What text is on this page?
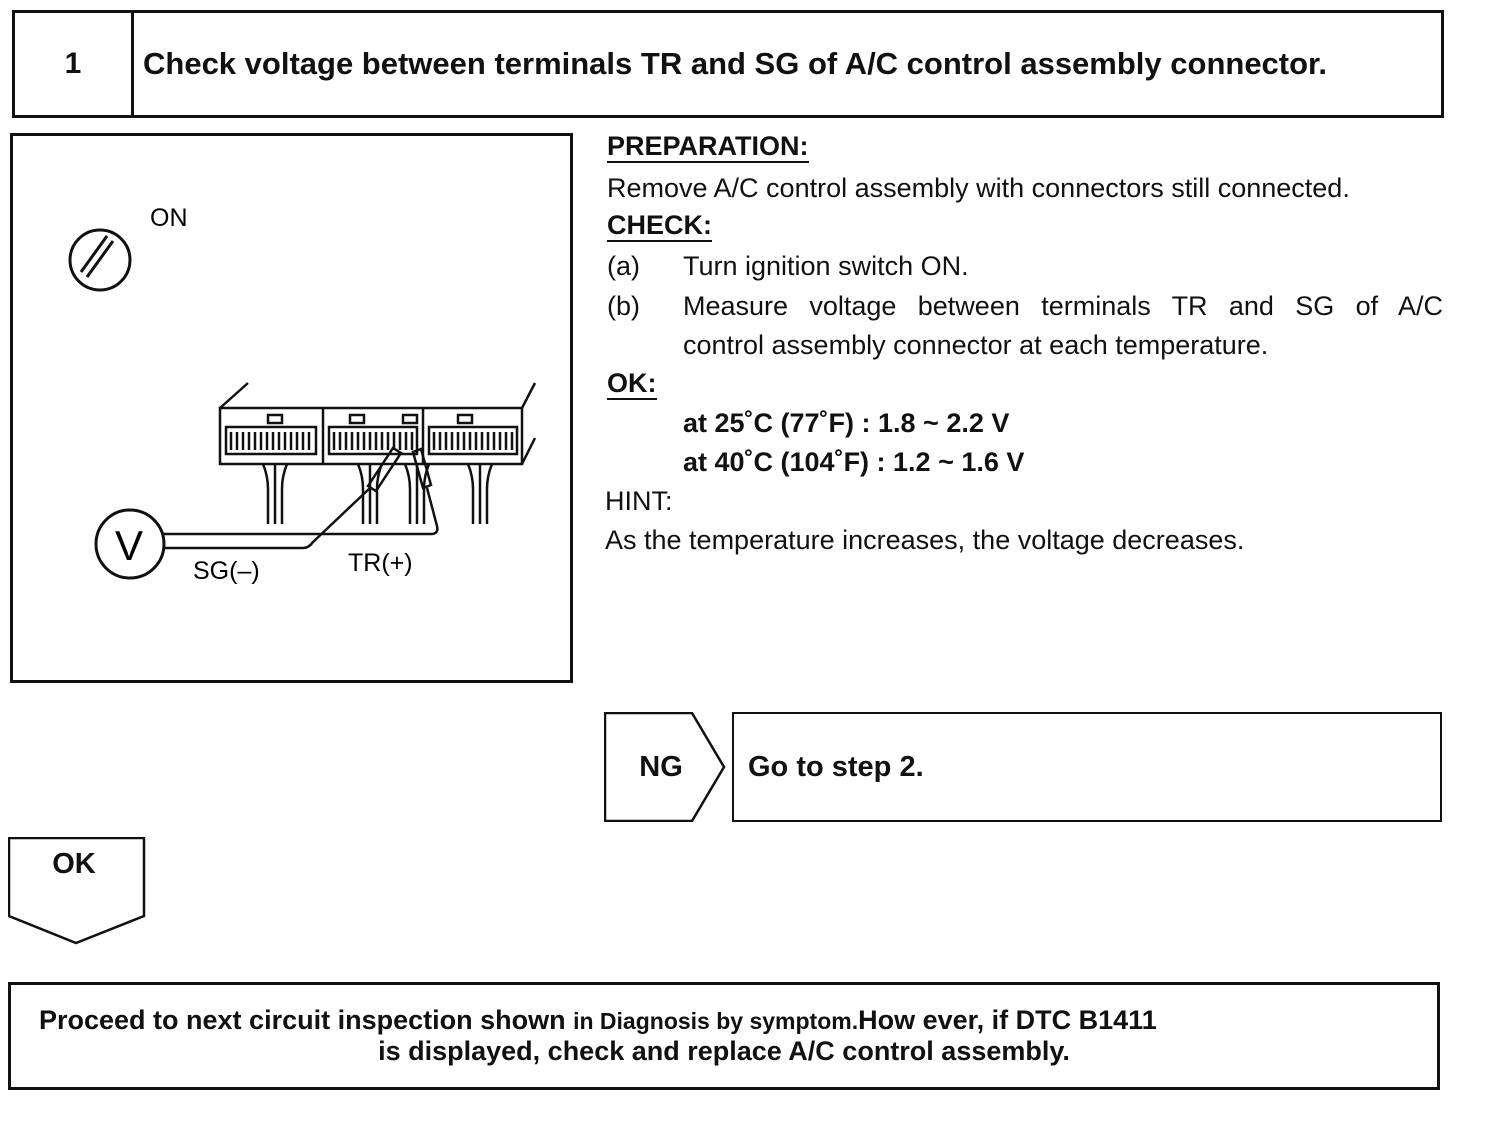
1	Check voltage between terminals TR and SG of A/C control assembly connector.
ON
V
SG(–)	TR(+)
PREPARATION:
Remove A/C control assembly with connectors still connected.
CHECK:
(a) Turn ignition switch ON.
(b) Measure voltage between terminals TR and SG of A/C
control assembly connector at each temperature.
OK:
at 25˚C (77˚F) : 1.8 ~ 2.2 V
at 40˚C (104˚F) : 1.2 ~ 1.6 V
HINT:
As the temperature increases, the voltage decreases.
NG	Go to step 2.
OK
Proceed to next circuit inspection shown in Diagnosis by symptom.How ever, if DTC B1411
is displayed, check and replace A/C control assembly.
